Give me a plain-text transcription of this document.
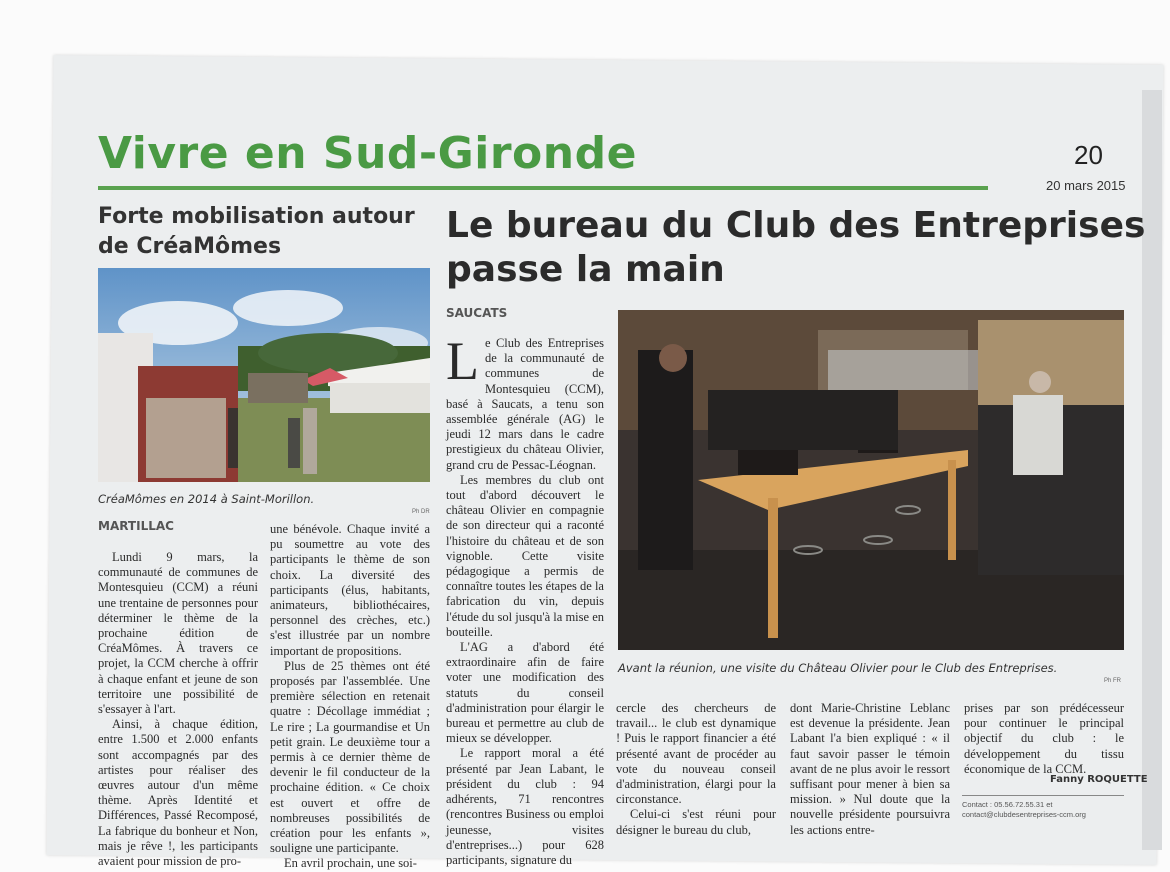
Vivre en Sud-Gironde	20
20 mars 2015
Forte mobilisation autour de CréaMômes
CréaMômes en 2014 à Saint-Morillon.
Ph DR
MARTILLAC

Lundi 9 mars, la communauté de communes de Montesquieu (CCM) a réuni une trentaine de personnes pour déterminer le thème de la prochaine édition de CréaMômes. À travers ce projet, la CCM cherche à offrir à chaque enfant et jeune de son territoire une possibilité de s'essayer à l'art.

Ainsi, à chaque édition, entre 1.500 et 2.000 enfants sont accompagnés par des artistes pour réaliser des œuvres autour d'un même thème. Après Identité et Différences, Passé Recomposé, La fabrique du bonheur et Non, mais je rêve !, les participants avaient pour mission de pro-

une bénévole. Chaque invité a pu soumettre au vote des participants le thème de son choix. La diversité des participants (élus, habitants, animateurs, bibliothécaires, personnel des crèches, etc.) s'est illustrée par un nombre important de propositions.

Plus de 25 thèmes ont été proposés par l'assemblée. Une première sélection en retenait quatre : Décollage immédiat ; Le rire ; La gourmandise et Un petit grain. Le deuxième tour a permis à ce dernier thème de devenir le fil conducteur de la prochaine édition. « Ce choix est ouvert et offre de nombreuses possibilités de création pour les enfants », souligne une participante.

En avril prochain, une soi-

Le bureau du Club des Entreprises passe la main
SAUCATS
L e Club des Entreprises de la communauté de communes de Montesquieu (CCM), basé à Saucats, a tenu son assemblée générale (AG) le jeudi 12 mars dans le cadre prestigieux du château Olivier, grand cru de Pessac-Léognan.

Les membres du club ont tout d'abord découvert le château Olivier en compagnie de son directeur qui a raconté l'histoire du château et de son vignoble. Cette visite pédagogique a permis de connaître toutes les étapes de la fabrication du vin, depuis l'étude du sol jusqu'à la mise en bouteille.

L'AG a d'abord été extraordinaire afin de faire voter une modification des statuts du conseil d'administration pour élargir le bureau et permettre au club de mieux se développer.

Le rapport moral a été présenté par Jean Labant, le président du club : 94 adhérents, 71 rencontres (rencontres Business ou emploi jeunesse, visites d'entreprises...) pour 628 participants, signature du

Avant la réunion, une visite du Château Olivier pour le Club des Entreprises.
Ph FR

cercle des chercheurs de travail... le club est dynamique ! Puis le rapport financier a été présenté avant de procéder au vote du nouveau conseil d'administration, élargi pour la circonstance.

Celui-ci s'est réuni pour désigner le bureau du club,

dont Marie-Christine Leblanc est devenue la présidente. Jean Labant l'a bien expliqué : « il faut savoir passer le témoin avant de ne plus avoir le ressort suffisant pour mener à bien sa mission. » Nul doute que la nouvelle présidente poursuivra les actions entre-

prises par son prédécesseur pour continuer le principal objectif du club : le développement du tissu économique de la CCM.

Fanny ROQUETTE
Contact : 05.56.72.55.31 et contact@clubdesentreprises-ccm.org
